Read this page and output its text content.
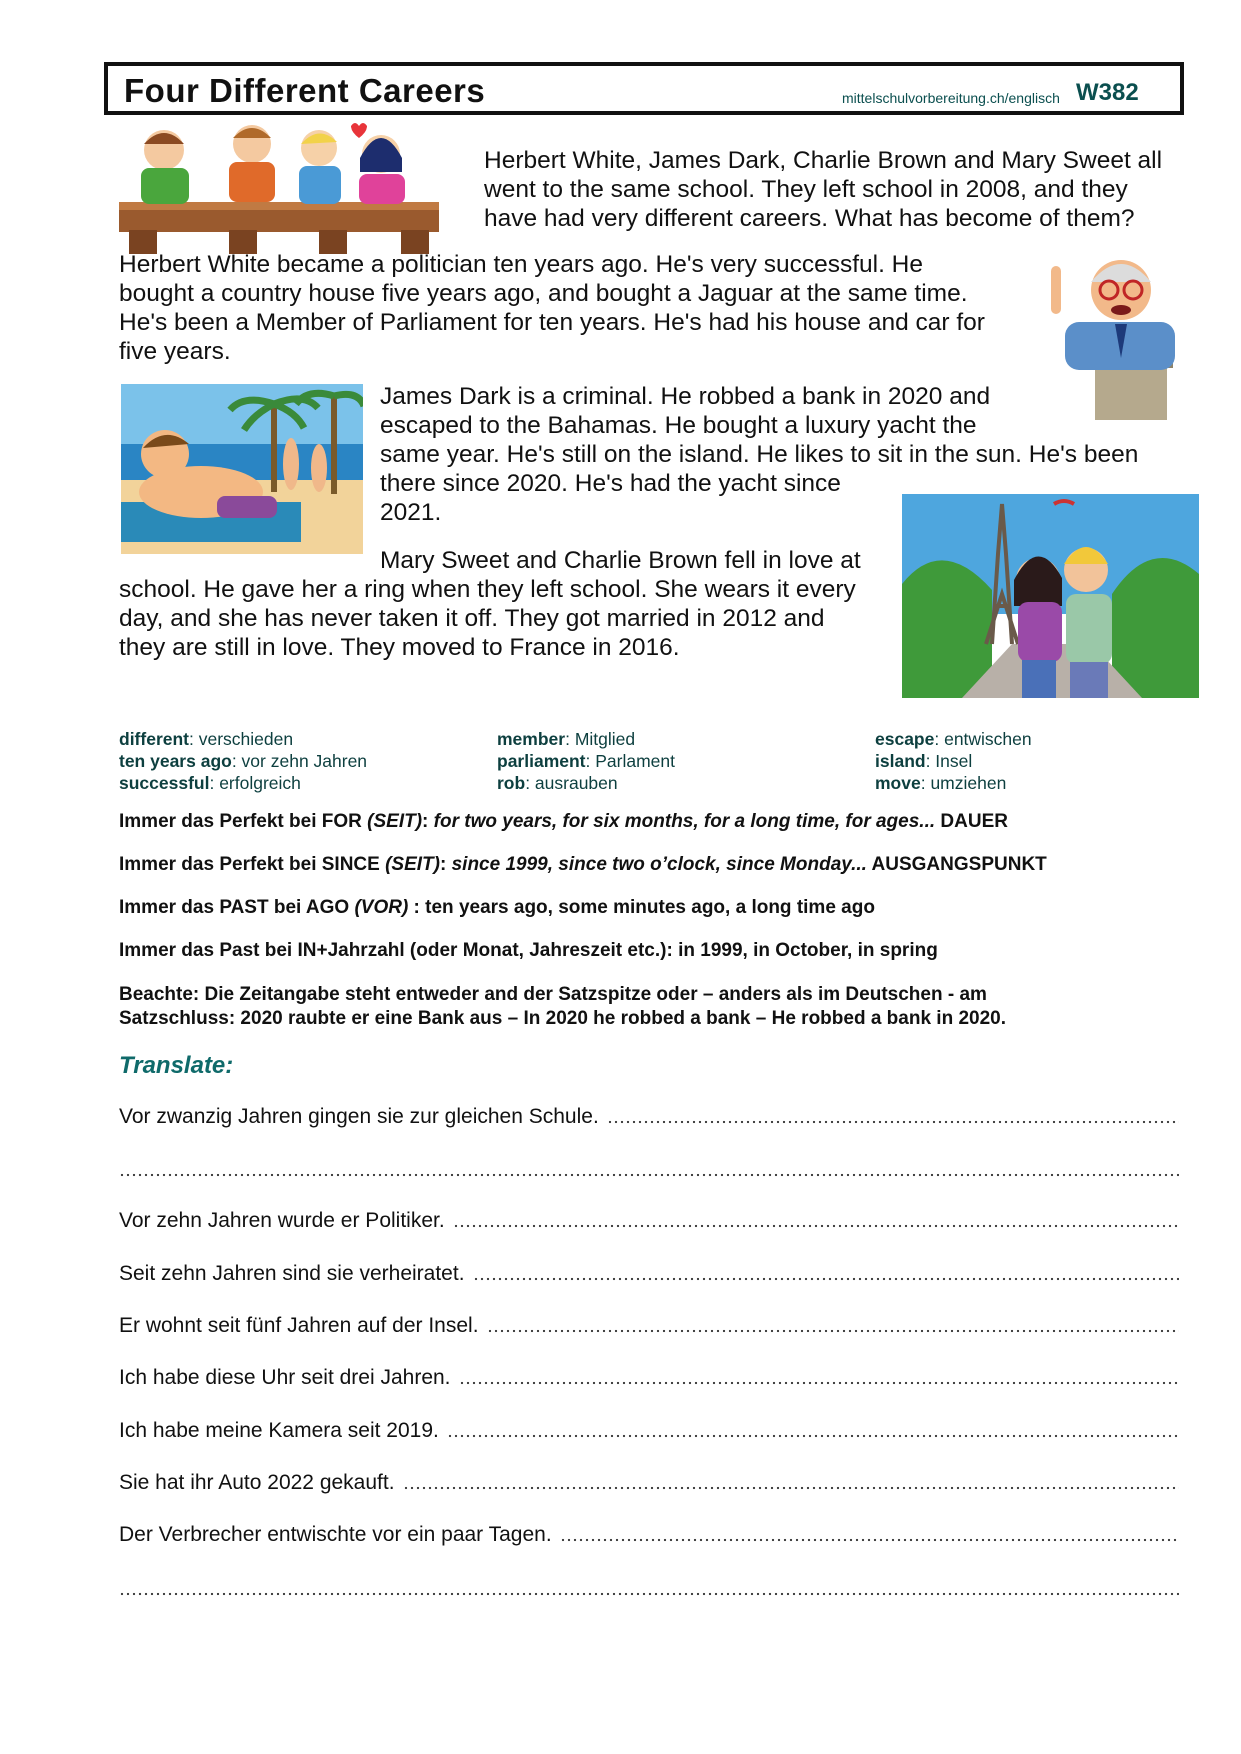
Four Different Careers	mittelschulvorbereitung.ch/englisch W382
Herbert White, James Dark, Charlie Brown and Mary Sweet all
went to the same school. They left school in 2008, and they
have had very different careers. What has become of them?
Herbert White became a politician ten years ago. He's very successful. He
bought a country house five years ago, and bought a Jaguar at the same time.
He's been a Member of Parliament for ten years. He's had his house and car for
five years.
James Dark is a criminal. He robbed a bank in 2020 and
escaped to the Bahamas. He bought a luxury yacht the
same year. He's still on the island. He likes to sit in the sun. He's been
there since 2020. He's had the yacht since
2021.
Mary Sweet and Charlie Brown fell in love at
school. He gave her a ring when they left school. She wears it every
day, and she has never taken it off. They got married in 2012 and
they are still in love. They moved to France in 2016.
different: verschieden
ten years ago: vor zehn Jahren
successful: erfolgreich
member: Mitglied
parliament: Parlament
rob: ausrauben
escape: entwischen
island: Insel
move: umziehen
Immer das Perfekt bei FOR (SEIT): for two years, for six months, for a long time, for ages... DAUER
Immer das Perfekt bei SINCE (SEIT): since 1999, since two o’clock, since Monday... AUSGANGSPUNKT
Immer das PAST bei AGO (VOR) : ten years ago, some minutes ago, a long time ago
Immer das Past bei IN+Jahrzahl (oder Monat, Jahreszeit etc.): in 1999, in October, in spring
Beachte: Die Zeitangabe steht entweder and der Satzspitze oder – anders als im Deutschen - am
Satzschluss: 2020 raubte er eine Bank aus – In 2020 he robbed a bank – He robbed a bank in 2020.
Translate:
Vor zwanzig Jahren gingen sie zur gleichen Schule.
Vor zehn Jahren wurde er Politiker.
Seit zehn Jahren sind sie verheiratet.
Er wohnt seit fünf Jahren auf der Insel.
Ich habe diese Uhr seit drei Jahren.
Ich habe meine Kamera seit 2019.
Sie hat ihr Auto 2022 gekauft.
Der Verbrecher entwischte vor ein paar Tagen.
